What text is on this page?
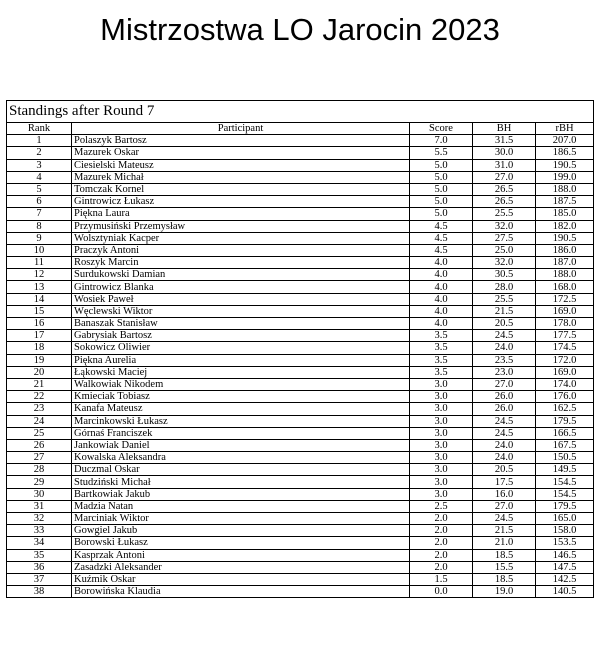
Mistrzostwa LO Jarocin 2023
Standings after Round 7
Rank	Participant	Score	BH	rBH
1	Polaszyk Bartosz	7.0	31.5	207.0
2	Mazurek Oskar	5.5	30.0	186.5
3	Ciesielski Mateusz	5.0	31.0	190.5
4	Mazurek Michał	5.0	27.0	199.0
5	Tomczak Kornel	5.0	26.5	188.0
6	Gintrowicz Łukasz	5.0	26.5	187.5
7	Piękna Laura	5.0	25.5	185.0
8	Przymusiński Przemysław	4.5	32.0	182.0
9	Wolsztyniak Kacper	4.5	27.5	190.5
10	Praczyk Antoni	4.5	25.0	186.0
11	Roszyk Marcin	4.0	32.0	187.0
12	Surdukowski Damian	4.0	30.5	188.0
13	Gintrowicz Blanka	4.0	28.0	168.0
14	Wosiek Paweł	4.0	25.5	172.5
15	Węclewski Wiktor	4.0	21.5	169.0
16	Banaszak Stanisław	4.0	20.5	178.0
17	Gabrysiak Bartosz	3.5	24.5	177.5
18	Sokowicz Oliwier	3.5	24.0	174.5
19	Piękna Aurelia	3.5	23.5	172.0
20	Łąkowski Maciej	3.5	23.0	169.0
21	Walkowiak Nikodem	3.0	27.0	174.0
22	Kmieciak Tobiasz	3.0	26.0	176.0
23	Kanafa Mateusz	3.0	26.0	162.5
24	Marcinkowski Łukasz	3.0	24.5	179.5
25	Górnaś Franciszek	3.0	24.5	166.5
26	Jankowiak Daniel	3.0	24.0	167.5
27	Kowalska Aleksandra	3.0	24.0	150.5
28	Duczmal Oskar	3.0	20.5	149.5
29	Studziński Michał	3.0	17.5	154.5
30	Bartkowiak Jakub	3.0	16.0	154.5
31	Madzia Natan	2.5	27.0	179.5
32	Marciniak Wiktor	2.0	24.5	165.0
33	Gowgiel Jakub	2.0	21.5	158.0
34	Borowski Łukasz	2.0	21.0	153.5
35	Kasprzak Antoni	2.0	18.5	146.5
36	Zasadzki Aleksander	2.0	15.5	147.5
37	Kuźmik Oskar	1.5	18.5	142.5
38	Borowińska Klaudia	0.0	19.0	140.5
